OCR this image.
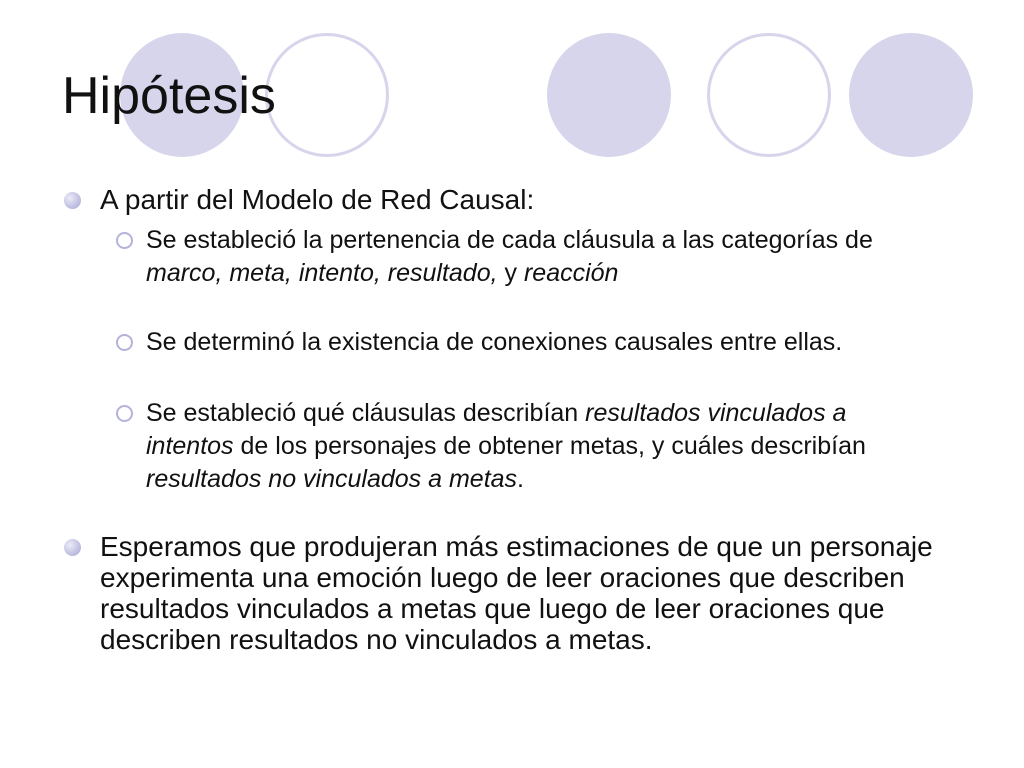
Hipótesis

A partir del Modelo de Red Causal:

Se estableció la pertenencia de cada cláusula a las categorías de marco, meta, intento, resultado, y reacción

Se determinó la existencia de conexiones causales entre ellas.

Se estableció qué cláusulas describían resultados vinculados a intentos de los personajes de obtener metas, y cuáles describían resultados no vinculados a metas.

Esperamos que produjeran más estimaciones de que un personaje experimenta una emoción luego de leer oraciones que describen resultados vinculados a metas que luego de leer oraciones que describen resultados no vinculados a metas.
